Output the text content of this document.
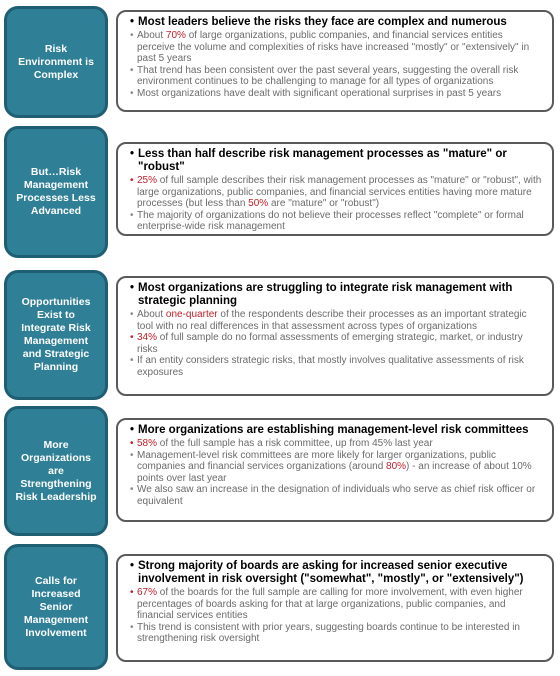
Risk Environment is Complex
• Most leaders believe the risks they face are complex and numerous
• About 70% of large organizations, public companies, and financial services entities perceive the volume and complexities of risks have increased "mostly" or "extensively" in past 5 years
• That trend has been consistent over the past several years, suggesting the overall risk environment continues to be challenging to manage for all types of organizations
• Most organizations have dealt with significant operational surprises in past 5 years
But…Risk Management Processes Less Advanced
• Less than half describe risk management processes as "mature" or "robust"
• 25% of full sample describes their risk management processes as "mature" or "robust", with large organizations, public companies, and financial services entities having more mature processes (but less than 50% are "mature" or "robust")
• The majority of organizations do not believe their processes reflect "complete" or formal enterprise-wide risk management
Opportunities Exist to Integrate Risk Management and Strategic Planning
• Most organizations are struggling to integrate risk management with strategic planning
• About one-quarter of the respondents describe their processes as an important strategic tool with no real differences in that assessment across types of organizations
• 34% of full sample do no formal assessments of emerging strategic, market, or industry risks
• If an entity considers strategic risks, that mostly involves qualitative assessments of risk exposures
More Organizations are Strengthening Risk Leadership
• More organizations are establishing management-level risk committees
• 58% of the full sample has a risk committee, up from 45% last year
• Management-level risk committees are more likely for larger organizations, public companies and financial services organizations (around 80%) - an increase of about 10% points over last year
• We also saw an increase in the designation of individuals who serve as chief risk officer or equivalent
Calls for Increased Senior Management Involvement
• Strong majority of boards are asking for increased senior executive involvement in risk oversight ("somewhat", "mostly", or "extensively")
• 67% of the boards for the full sample are calling for more involvement, with even higher percentages of boards asking for that at large organizations, public companies, and financial services entities
• This trend is consistent with prior years, suggesting boards continue to be interested in strengthening risk oversight
